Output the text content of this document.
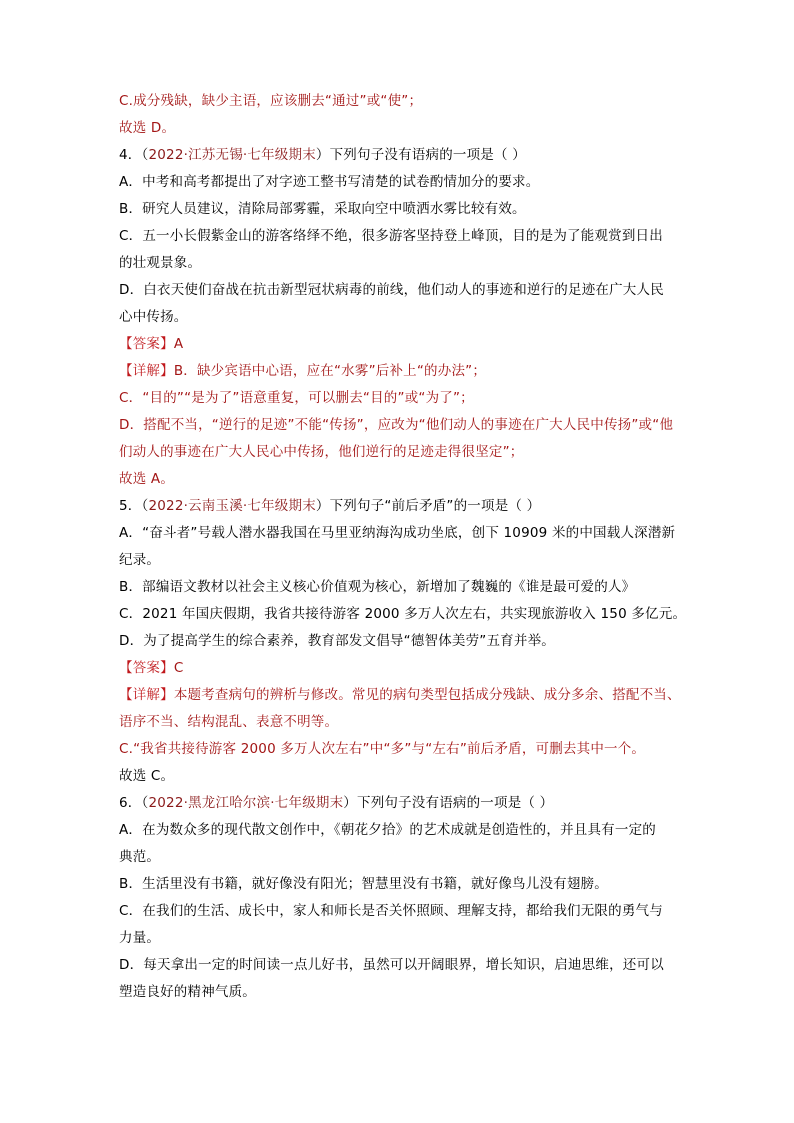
C.成分残缺，缺少主语，应该删去“通过”或“使”；
故选 D。
4．（2022·江苏无锡·七年级期末）下列句子没有语病的一项是（ ）
A．中考和高考都提出了对字迹工整书写清楚的试卷酌情加分的要求。
B．研究人员建议，清除局部雾霾，采取向空中喷洒水雾比较有效。
C．五一小长假紫金山的游客络绎不绝，很多游客坚持登上峰顶，目的是为了能观赏到日出
的壮观景象。
D．白衣天使们奋战在抗击新型冠状病毒的前线，他们动人的事迹和逆行的足迹在广大人民
心中传扬。
【答案】A
【详解】B．缺少宾语中心语，应在“水雾”后补上“的办法”；
C．“目的”“是为了”语意重复，可以删去“目的”或“为了”；
D．搭配不当，“逆行的足迹”不能“传扬”，应改为“他们动人的事迹在广大人民中传扬”或“他
们动人的事迹在广大人民心中传扬，他们逆行的足迹走得很坚定”；
故选 A。
5．（2022·云南玉溪·七年级期末）下列句子“前后矛盾”的一项是（ ）
A．“奋斗者”号载人潜水器我国在马里亚纳海沟成功坐底，创下 10909 米的中国载人深潜新
纪录。
B．部编语文教材以社会主义核心价值观为核心，新增加了魏巍的《谁是最可爱的人》
C．2021 年国庆假期，我省共接待游客 2000 多万人次左右，共实现旅游收入 150 多亿元。
D．为了提高学生的综合素养，教育部发文倡导“德智体美劳”五育并举。
【答案】C
【详解】本题考查病句的辨析与修改。常见的病句类型包括成分残缺、成分多余、搭配不当、
语序不当、结构混乱、表意不明等。
C.“我省共接待游客 2000 多万人次左右”中“多”与“左右”前后矛盾，可删去其中一个。
故选 C。
6．（2022·黑龙江哈尔滨·七年级期末）下列句子没有语病的一项是（ ）
A．在为数众多的现代散文创作中，《朝花夕拾》的艺术成就是创造性的，并且具有一定的
典范。
B．生活里没有书籍，就好像没有阳光；智慧里没有书籍，就好像鸟儿没有翅膀。
C．在我们的生活、成长中，家人和师长是否关怀照顾、理解支持，都给我们无限的勇气与
力量。
D．每天拿出一定的时间读一点儿好书，虽然可以开阔眼界，增长知识，启迪思维，还可以
塑造良好的精神气质。
